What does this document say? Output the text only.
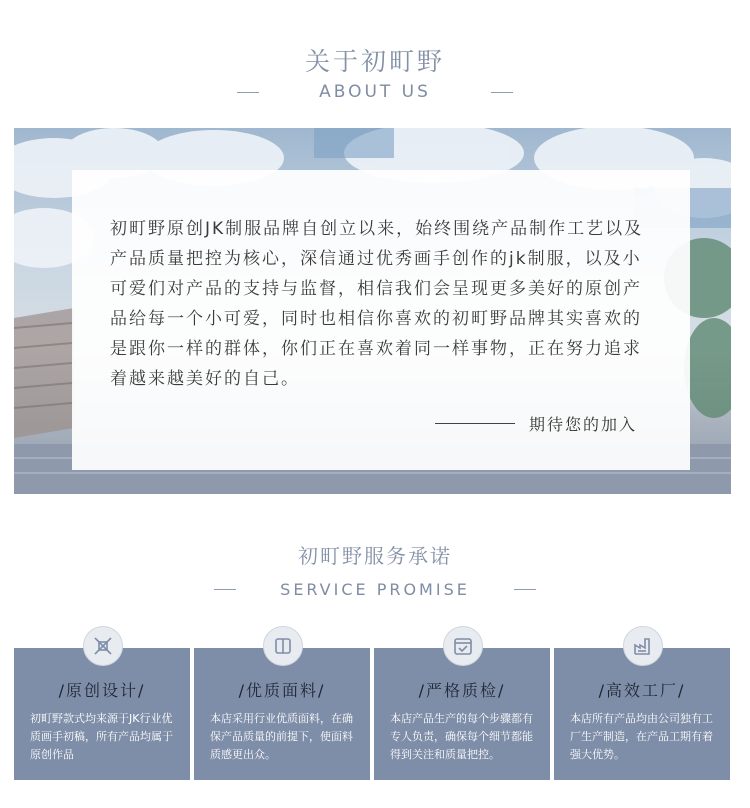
关于初町野
ABOUT US
初町野原创JK制服品牌自创立以来，始终围绕产品制作工艺以及产品质量把控为核心，深信通过优秀画手创作的jk制服，以及小可爱们对产品的支持与监督，相信我们会呈现更多美好的原创产品给每一个小可爱，同时也相信你喜欢的初町野品牌其实喜欢的是跟你一样的群体，你们正在喜欢着同一样事物，正在努力追求着越来越美好的自己。
期待您的加入
初町野服务承诺
SERVICE PROMISE
/原创设计/
初町野款式均来源于JK行业优质画手初稿，所有产品均属于原创作品
/优质面料/
本店采用行业优质面料，在确保产品质量的前提下，使面料质感更出众。
/严格质检/
本店产品生产的每个步骤都有专人负责，确保每个细节都能得到关注和质量把控。
/高效工厂/
本店所有产品均由公司独有工厂生产制造，在产品工期有着强大优势。
